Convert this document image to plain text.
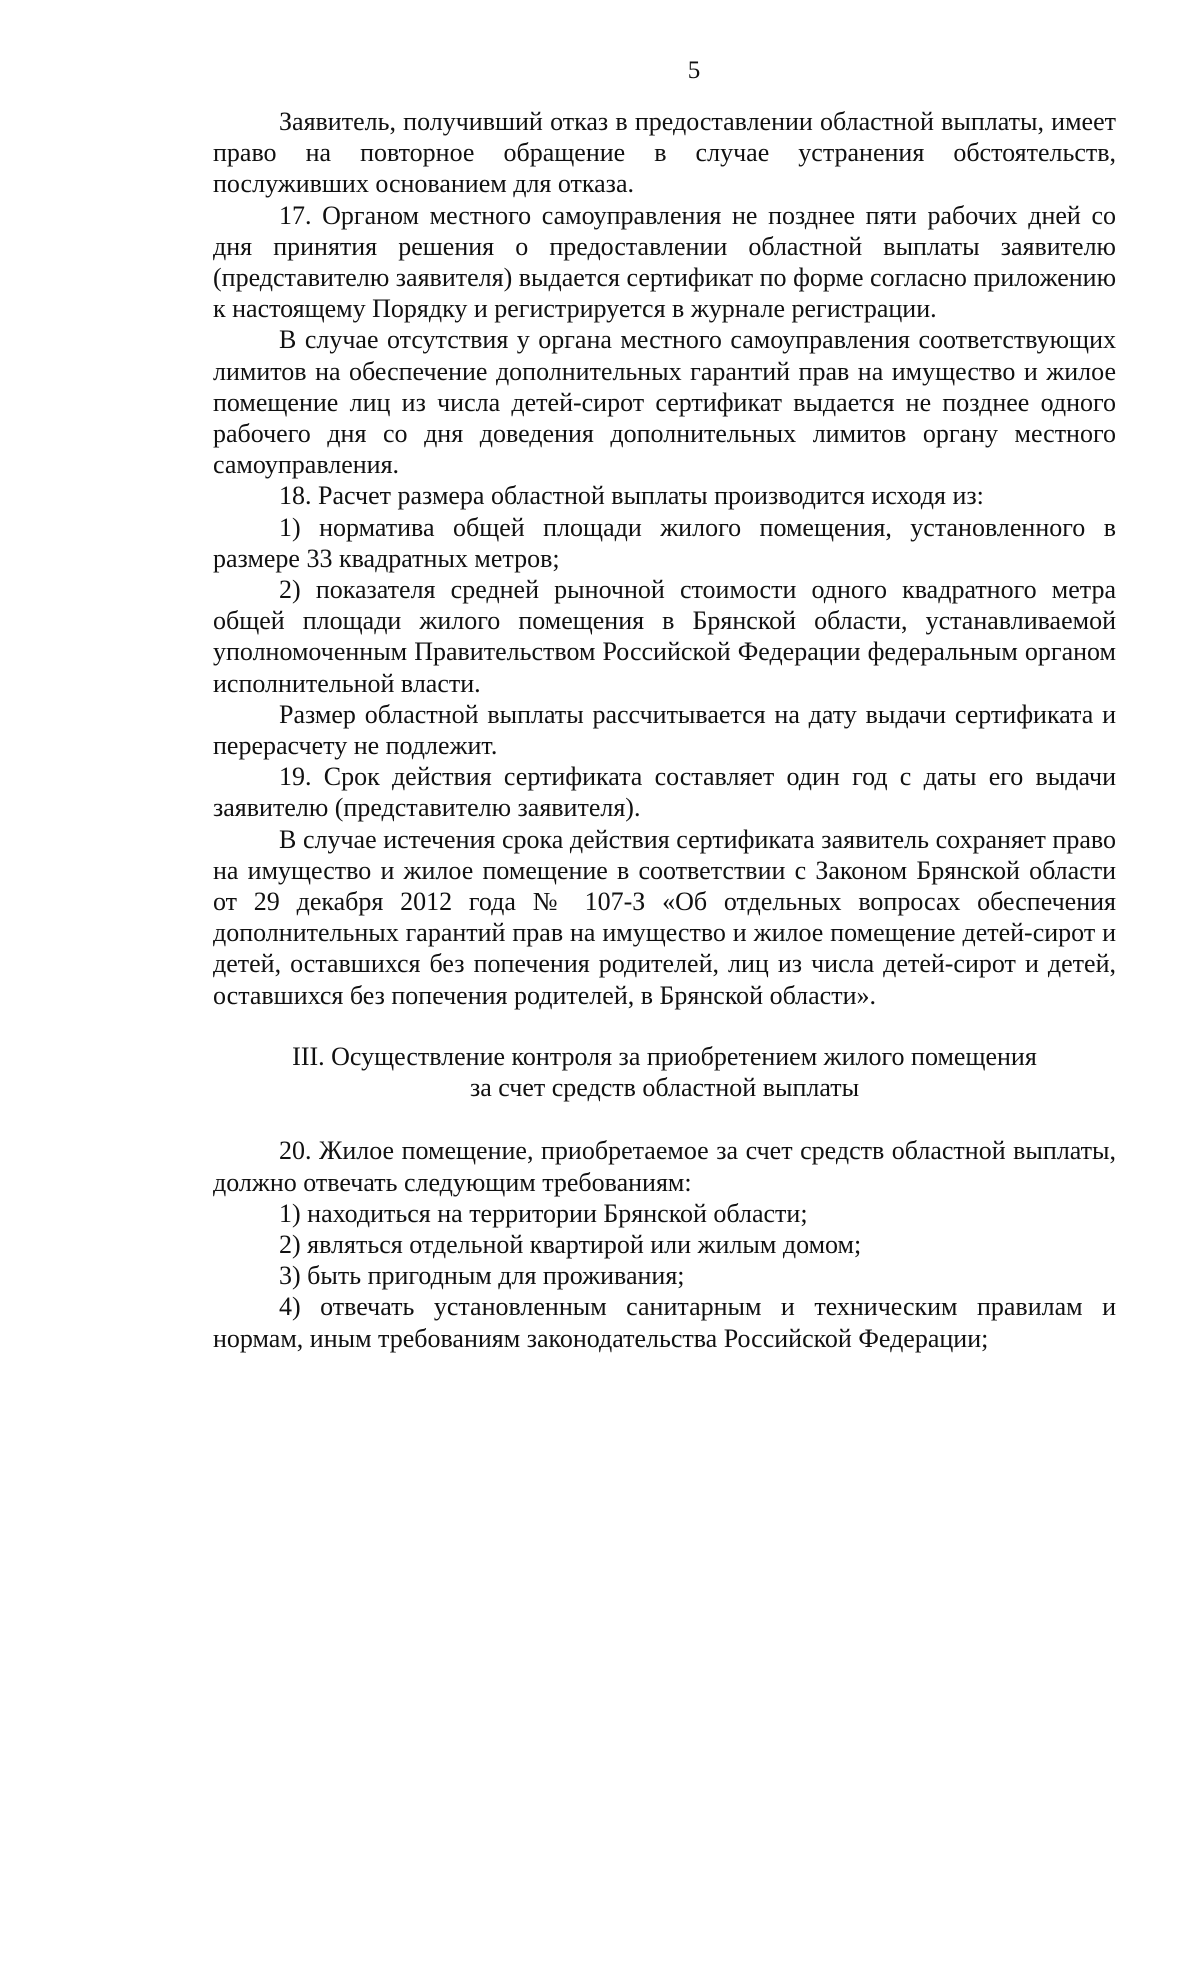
5

Заявитель, получивший отказ в предоставлении областной выплаты, имеет право на повторное обращение в случае устранения обстоятельств, послуживших основанием для отказа.

17. Органом местного самоуправления не позднее пяти рабочих дней со дня принятия решения о предоставлении областной выплаты заявителю (представителю заявителя) выдается сертификат по форме согласно приложению к настоящему Порядку и регистрируется в журнале регистрации.

В случае отсутствия у органа местного самоуправления соответствующих лимитов на обеспечение дополнительных гарантий прав на имущество и жилое помещение лиц из числа детей-сирот сертификат выдается не позднее одного рабочего дня со дня доведения дополнительных лимитов органу местного самоуправления.

18. Расчет размера областной выплаты производится исходя из:

1) норматива общей площади жилого помещения, установленного в размере 33 квадратных метров;

2) показателя средней рыночной стоимости одного квадратного метра общей площади жилого помещения в Брянской области, устанавливаемой уполномоченным Правительством Российской Федерации федеральным органом исполнительной власти.

Размер областной выплаты рассчитывается на дату выдачи сертификата и перерасчету не подлежит.

19. Срок действия сертификата составляет один год с даты его выдачи заявителю (представителю заявителя).

В случае истечения срока действия сертификата заявитель сохраняет право на имущество и жилое помещение в соответствии с Законом Брянской области от 29 декабря 2012 года № 107-З «Об отдельных вопросах обеспечения дополнительных гарантий прав на имущество и жилое помещение детей-сирот и детей, оставшихся без попечения родителей, лиц из числа детей-сирот и детей, оставшихся без попечения родителей, в Брянской области».

III. Осуществление контроля за приобретением жилого помещения
за счет средств областной выплаты

20. Жилое помещение, приобретаемое за счет средств областной выплаты, должно отвечать следующим требованиям:

1) находиться на территории Брянской области;

2) являться отдельной квартирой или жилым домом;

3) быть пригодным для проживания;

4) отвечать установленным санитарным и техническим правилам и нормам, иным требованиям законодательства Российской Федерации;
